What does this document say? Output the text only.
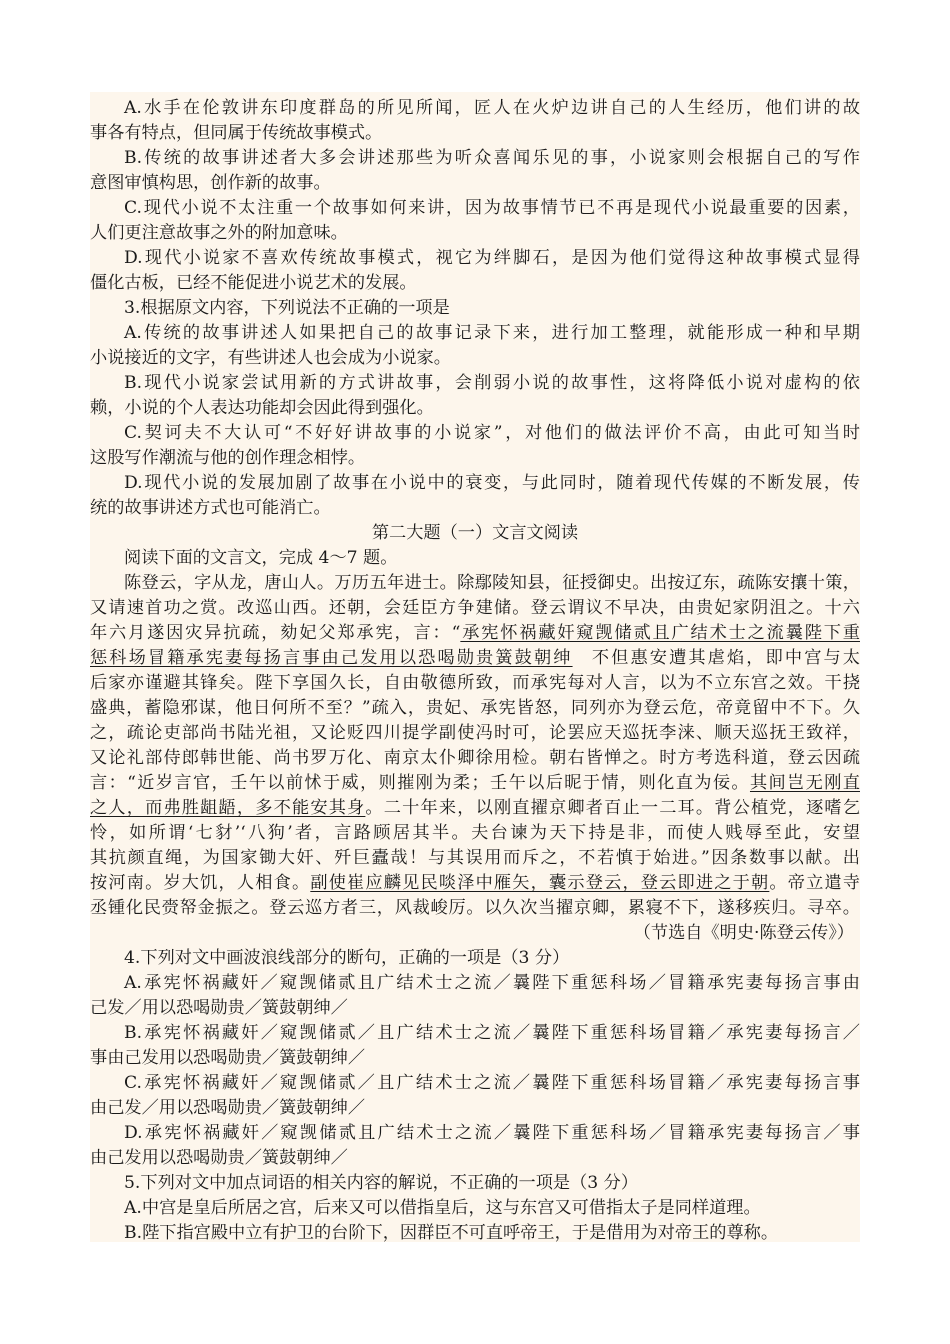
A.水手在伦敦讲东印度群岛的所见所闻，匠人在火炉边讲自己的人生经历，他们讲的故
事各有特点，但同属于传统故事模式。
B.传统的故事讲述者大多会讲述那些为听众喜闻乐见的事，小说家则会根据自己的写作
意图审慎构思，创作新的故事。
C.现代小说不太注重一个故事如何来讲，因为故事情节已不再是现代小说最重要的因素，
人们更注意故事之外的附加意味。
D.现代小说家不喜欢传统故事模式，视它为绊脚石，是因为他们觉得这种故事模式显得
僵化古板，已经不能促进小说艺术的发展。
3.根据原文内容，下列说法不正确的一项是
A.传统的故事讲述人如果把自己的故事记录下来，进行加工整理，就能形成一种和早期
小说接近的文字，有些讲述人也会成为小说家。
B.现代小说家尝试用新的方式讲故事，会削弱小说的故事性，这将降低小说对虚构的依
赖，小说的个人表达功能却会因此得到强化。
C.契诃夫不大认可“不好好讲故事的小说家”，对他们的做法评价不高，由此可知当时
这股写作潮流与他的创作理念相悖。
D.现代小说的发展加剧了故事在小说中的衰变，与此同时，随着现代传媒的不断发展，传
统的故事讲述方式也可能消亡。
第二大题（一）文言文阅读
阅读下面的文言文，完成 4～7 题。
陈登云，字从龙，唐山人。万历五年进士。除鄢陵知县，征授御史。出按辽东，疏陈安攘十策，
又请速首功之赏。改巡山西。还朝，会廷臣方争建储。登云谓议不早决，由贵妃家阴沮之。十六
年六月遂因灾异抗疏，劾妃父郑承宪，言：“承宪怀祸藏奸窥觊储贰且广结术士之流曩陛下重
惩科场冒籍承宪妻每扬言事由己发用以恐喝勋贵簧鼓朝绅　不但惠安遭其虐焰，即中宫与太
后家亦谨避其锋矣。陛下享国久长，自由敬德所致，而承宪每对人言，以为不立东宫之效。干挠
盛典，蓄隐邪谋，他日何所不至？”疏入，贵妃、承宪皆怒，同列亦为登云危，帝竟留中不下。久
之，疏论吏部尚书陆光祖，又论贬四川提学副使冯时可，论罢应天巡抚李涞、顺天巡抚王致祥，
又论礼部侍郎韩世能、尚书罗万化、南京太仆卿徐用检。朝右皆惮之。时方考选科道，登云因疏
言：“近岁言官，壬午以前怵于威，则摧刚为柔；壬午以后昵于情，则化直为佞。其间岂无刚直
之人，而弗胜龃龉，多不能安其身。二十年来，以刚直擢京卿者百止一二耳。背公植党，逐嗜乞
怜，如所谓‘七豺’‘八狗’者，言路顾居其半。夫台谏为天下持是非，而使人贱辱至此，安望
其抗颜直绳，为国家锄大奸、歼巨蠹哉！与其误用而斥之，不若慎于始进。”因条数事以献。出
按河南。岁大饥，人相食。副使崔应麟见民啖泽中雁矢，囊示登云，登云即进之于朝。帝立遣寺
丞锺化民赍帑金振之。登云巡方者三，风裁峻厉。以久次当擢京卿，累寝不下，遂移疾归。寻卒。
（节选自《明史·陈登云传》）
4.下列对文中画波浪线部分的断句，正确的一项是（3 分）
A.承宪怀祸藏奸／窥觊储贰且广结术士之流／曩陛下重惩科场／冒籍承宪妻每扬言事由
己发／用以恐喝勋贵／簧鼓朝绅／
B.承宪怀祸藏奸／窥觊储贰／且广结术士之流／曩陛下重惩科场冒籍／承宪妻每扬言／
事由己发用以恐喝勋贵／簧鼓朝绅／
C.承宪怀祸藏奸／窥觊储贰／且广结术士之流／曩陛下重惩科场冒籍／承宪妻每扬言事
由己发／用以恐喝勋贵／簧鼓朝绅／
D.承宪怀祸藏奸／窥觊储贰且广结术士之流／曩陛下重惩科场／冒籍承宪妻每扬言／事
由己发用以恐喝勋贵／簧鼓朝绅／
5.下列对文中加点词语的相关内容的解说，不正确的一项是（3 分）
A.中宫是皇后所居之宫，后来又可以借指皇后，这与东宫又可借指太子是同样道理。
B.陛下指宫殿中立有护卫的台阶下，因群臣不可直呼帝王，于是借用为对帝王的尊称。
